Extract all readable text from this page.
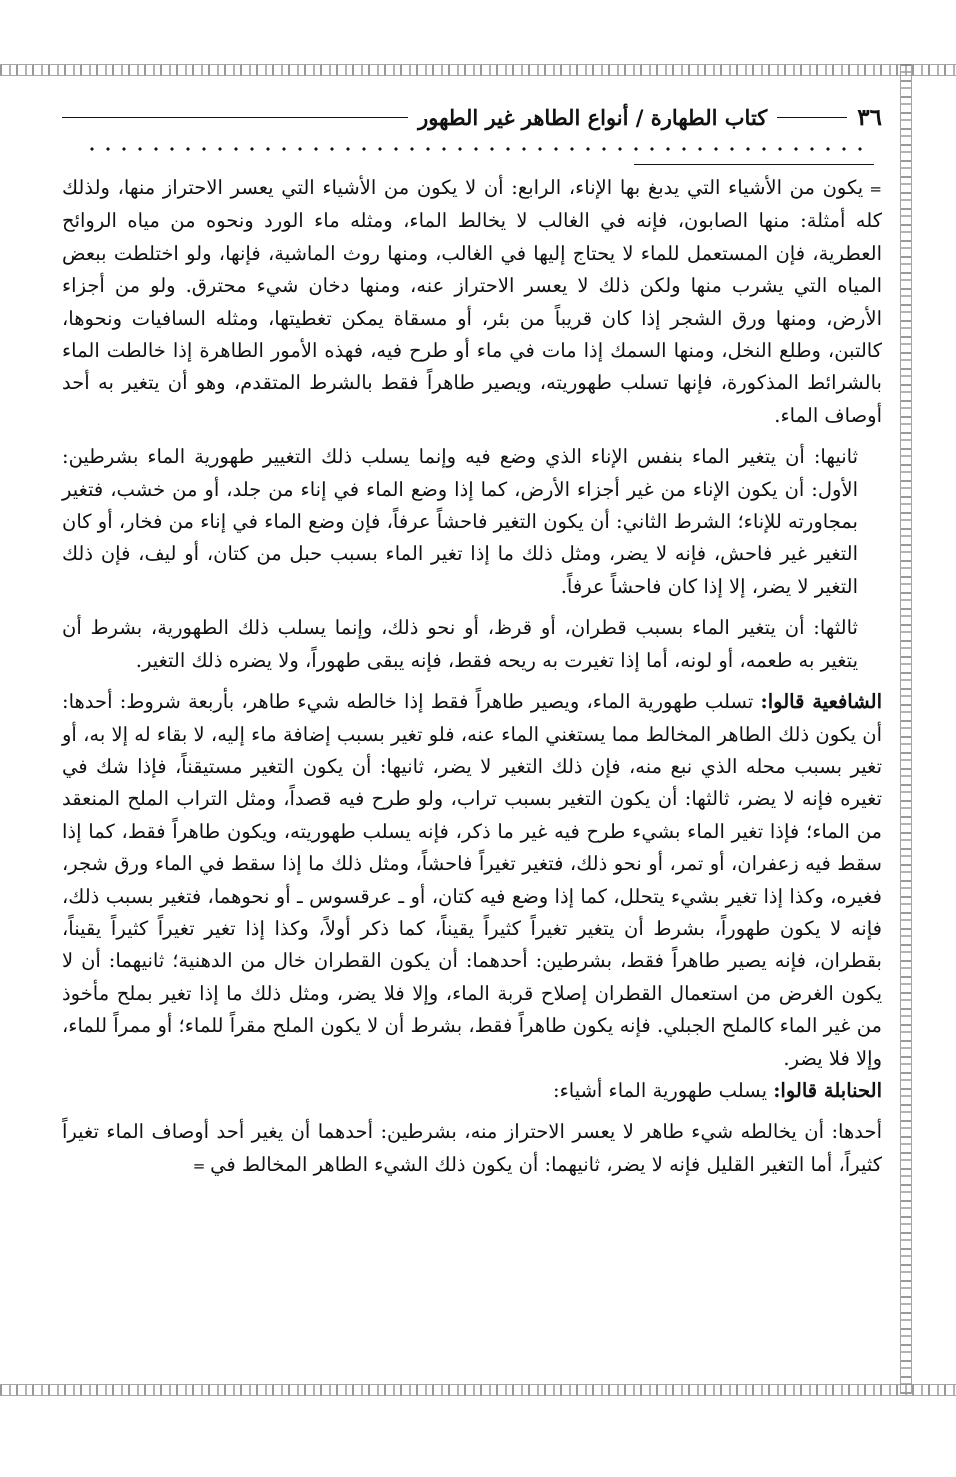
٣٦
كتاب الطهارة / أنواع الطاهر غير الطهور

= يكون من الأشياء التي يدبغ بها الإناء، الرابع: أن لا يكون من الأشياء التي يعسر الاحتراز منها، ولذلك كله أمثلة: منها الصابون، فإنه في الغالب لا يخالط الماء، ومثله ماء الورد ونحوه من مياه الروائح العطرية، فإن المستعمل للماء لا يحتاج إليها في الغالب، ومنها روث الماشية، فإنها، ولو اختلطت ببعض المياه التي يشرب منها ولكن ذلك لا يعسر الاحتراز عنه، ومنها دخان شيء محترق. ولو من أجزاء الأرض، ومنها ورق الشجر إذا كان قريباً من بئر، أو مسقاة يمكن تغطيتها، ومثله السافيات ونحوها، كالتبن، وطلع النخل، ومنها السمك إذا مات في ماء أو طرح فيه، فهذه الأمور الطاهرة إذا خالطت الماء بالشرائط المذكورة، فإنها تسلب طهوريته، ويصير طاهراً فقط بالشرط المتقدم، وهو أن يتغير به أحد أوصاف الماء.

ثانيها: أن يتغير الماء بنفس الإناء الذي وضع فيه وإنما يسلب ذلك التغيير طهورية الماء بشرطين: الأول: أن يكون الإناء من غير أجزاء الأرض، كما إذا وضع الماء في إناء من جلد، أو من خشب، فتغير بمجاورته للإناء؛ الشرط الثاني: أن يكون التغير فاحشاً عرفاً، فإن وضع الماء في إناء من فخار، أو كان التغير غير فاحش، فإنه لا يضر، ومثل ذلك ما إذا تغير الماء بسبب حبل من كتان، أو ليف، فإن ذلك التغير لا يضر، إلا إذا كان فاحشاً عرفاً.

ثالثها: أن يتغير الماء بسبب قطران، أو قرظ، أو نحو ذلك، وإنما يسلب ذلك الطهورية، بشرط أن يتغير به طعمه، أو لونه، أما إذا تغيرت به ريحه فقط، فإنه يبقى طهوراً، ولا يضره ذلك التغير.

الشافعية قالوا: تسلب طهورية الماء، ويصير طاهراً فقط إذا خالطه شيء طاهر، بأربعة شروط: أحدها: أن يكون ذلك الطاهر المخالط مما يستغني الماء عنه، فلو تغير بسبب إضافة ماء إليه، لا بقاء له إلا به، أو تغير بسبب محله الذي نبع منه، فإن ذلك التغير لا يضر، ثانيها: أن يكون التغير مستيقناً، فإذا شك في تغيره فإنه لا يضر، ثالثها: أن يكون التغير بسبب تراب، ولو طرح فيه قصداً، ومثل التراب الملح المنعقد من الماء؛ فإذا تغير الماء بشيء طرح فيه غير ما ذكر، فإنه يسلب طهوريته، ويكون طاهراً فقط، كما إذا سقط فيه زعفران، أو تمر، أو نحو ذلك، فتغير تغيراً فاحشاً، ومثل ذلك ما إذا سقط في الماء ورق شجر، فغيره، وكذا إذا تغير بشيء يتحلل، كما إذا وضع فيه كتان، أو ـ عرقسوس ـ أو نحوهما، فتغير بسبب ذلك، فإنه لا يكون طهوراً، بشرط أن يتغير تغيراً كثيراً يقيناً، كما ذكر أولاً، وكذا إذا تغير تغيراً كثيراً يقيناً، بقطران، فإنه يصير طاهراً فقط، بشرطين: أحدهما: أن يكون القطران خال من الدهنية؛ ثانيهما: أن لا يكون الغرض من استعمال القطران إصلاح قربة الماء، وإلا فلا يضر، ومثل ذلك ما إذا تغير بملح مأخوذ من غير الماء كالملح الجبلي. فإنه يكون طاهراً فقط، بشرط أن لا يكون الملح مقراً للماء؛ أو ممراً للماء، وإلا فلا يضر.

الحنابلة قالوا: يسلب طهورية الماء أشياء:

أحدها: أن يخالطه شيء طاهر لا يعسر الاحتراز منه، بشرطين: أحدهما أن يغير أحد أوصاف الماء تغيراً كثيراً، أما التغير القليل فإنه لا يضر، ثانيهما: أن يكون ذلك الشيء الطاهر المخالط في =
